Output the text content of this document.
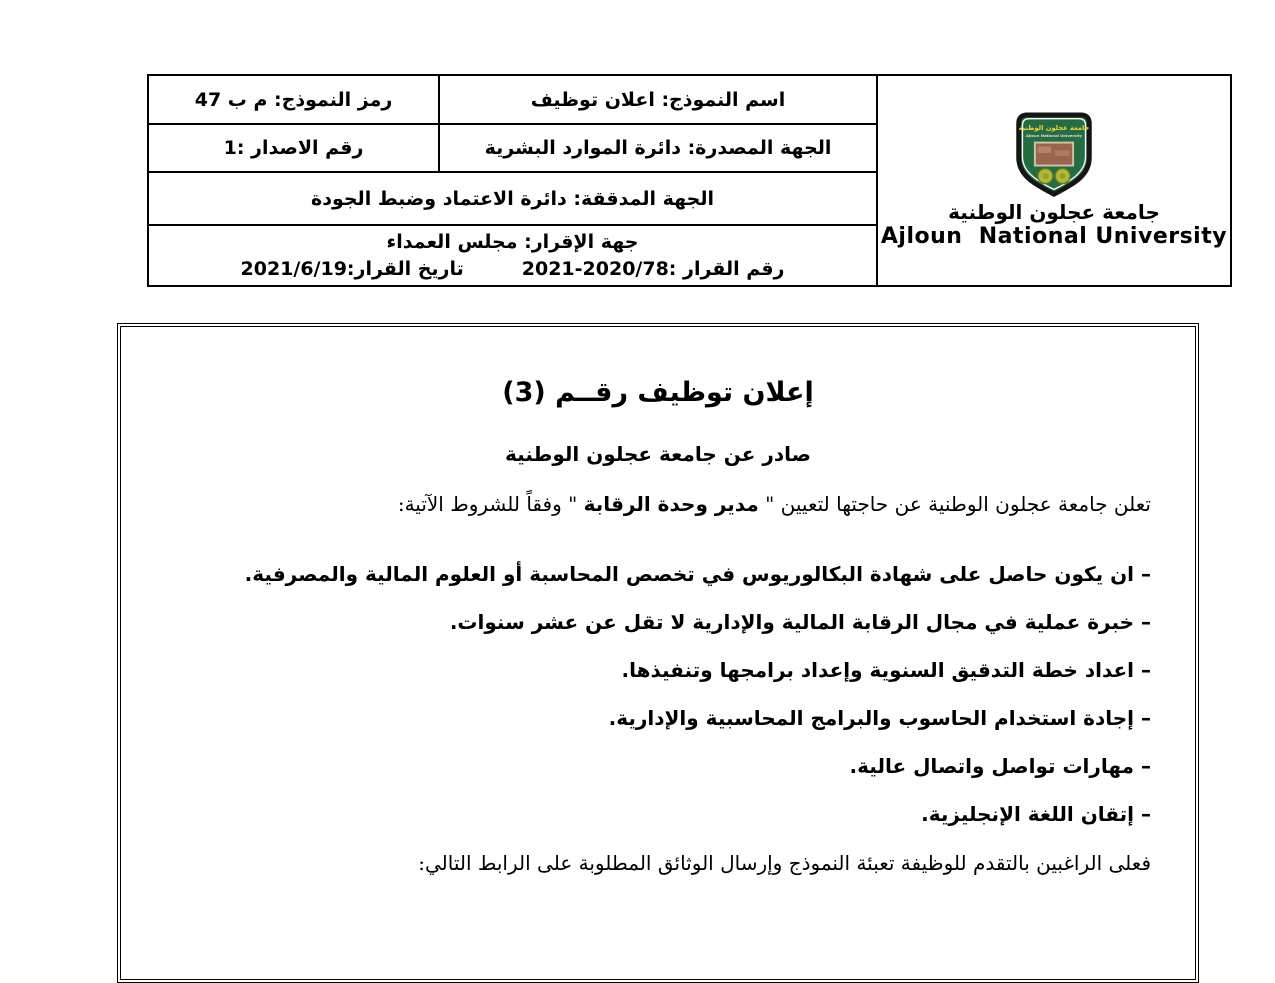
جامعة عجلون الوطنية
Ajloun National University
جامعة عجلون الوطنية
Ajloun  National University	اسم النموذج: اعلان توظيف	رمز النموذج: م ب 47
	الجهة المصدرة: دائرة الموارد البشرية	رقم الاصدار :1
	الجهة المدققة: دائرة الاعتماد وضبط الجودة	

	جهة الإقرار: مجلس العمداء
رقم القرار :
2021-2020/78
تاريخ القرار:
2021/6/19	
إعلان توظيف رقــم (3)
صادر عن جامعة عجلون الوطنية
تعلن جامعة عجلون الوطنية عن حاجتها لتعيين " مدير وحدة الرقابة " وفقاً للشروط الآتية:
– ان يكون حاصل على شهادة البكالوريوس في تخصص المحاسبة أو العلوم المالية والمصرفية.
– خبرة عملية في مجال الرقابة المالية والإدارية لا تقل عن عشر سنوات.
– اعداد خطة التدقيق السنوية وإعداد برامجها وتنفيذها.
– إجادة استخدام الحاسوب والبرامج المحاسبية والإدارية.
– مهارات تواصل واتصال عالية.
– إتقان اللغة الإنجليزية.
فعلى الراغبين بالتقدم للوظيفة تعبئة النموذج وإرسال الوثائق المطلوبة على الرابط التالي:
